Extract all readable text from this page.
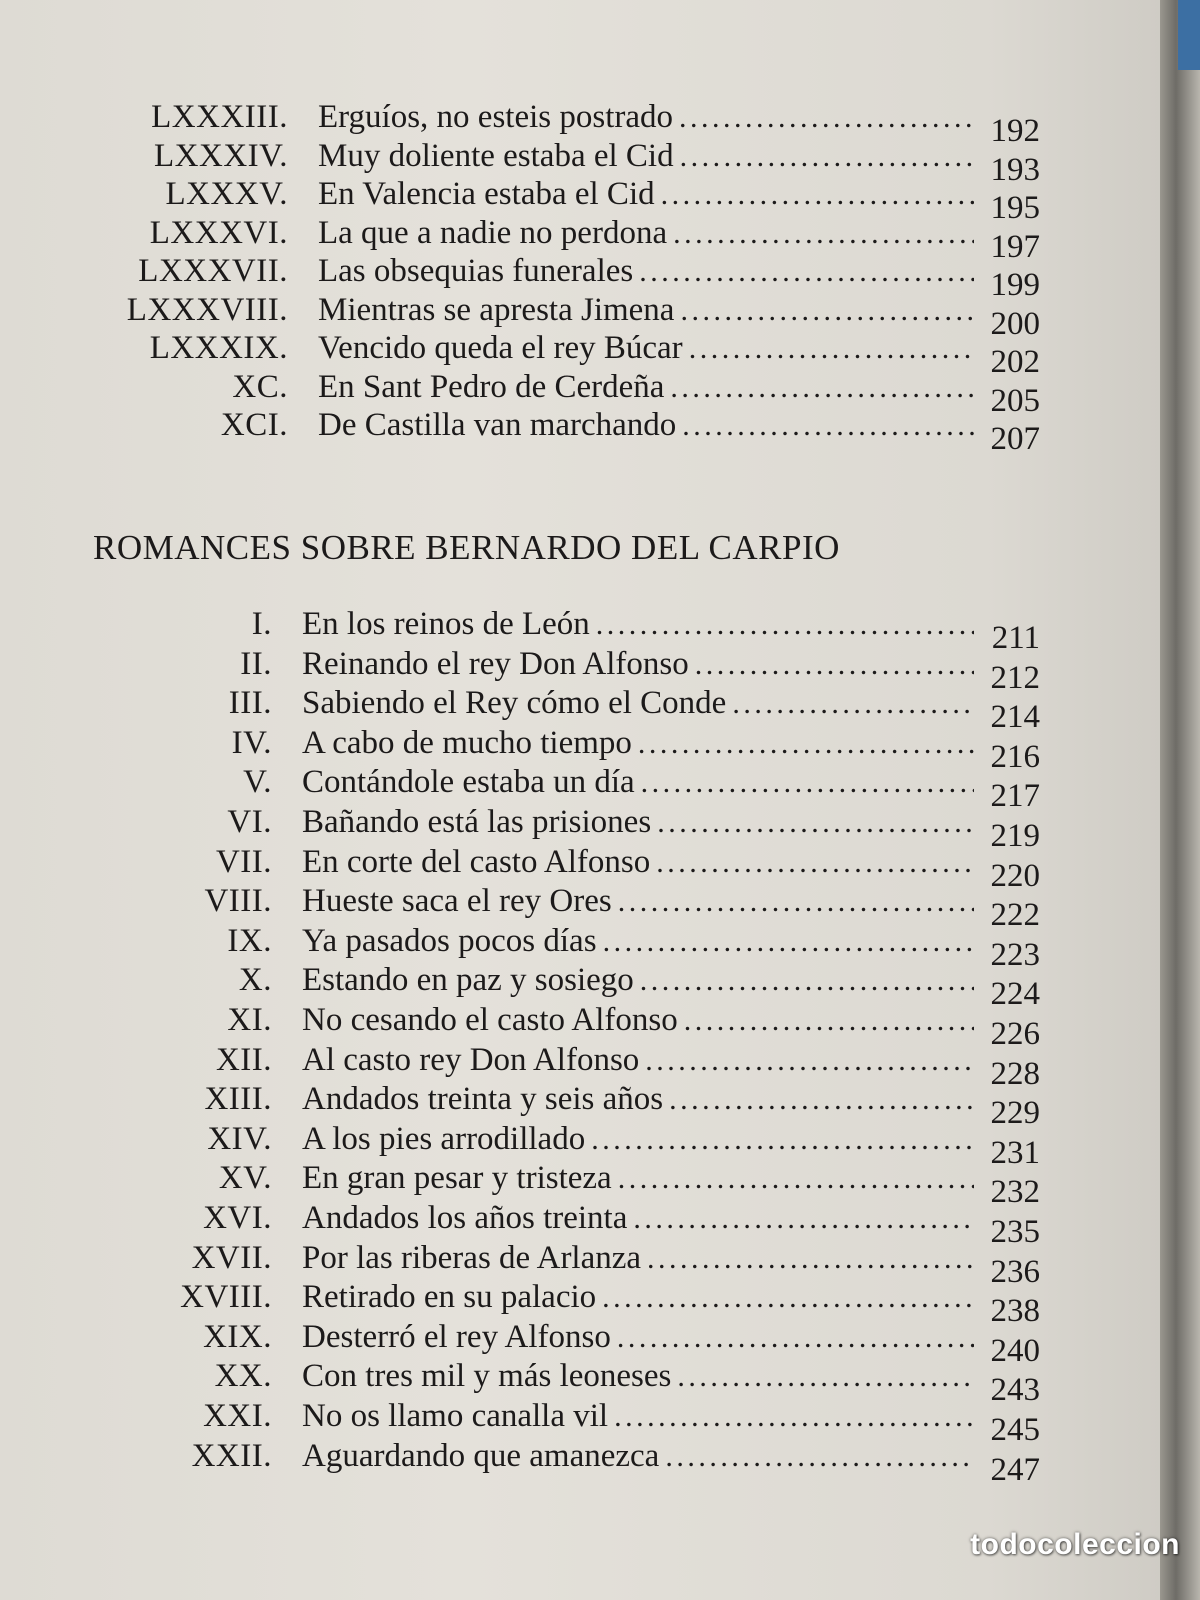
LXXXIII. Erguíos, no esteis postrado . . .	192
LXXXIV. Muy doliente estaba el Cid . . .	193
LXXXV. En Valencia estaba el Cid . . .	195
LXXXVI. La que a nadie no perdona . . .	197
LXXXVII. Las obsequias funerales . . .	199
LXXXVIII. Mientras se apresta Jimena . . .	200
LXXXIX. Vencido queda el rey Búcar . . .	202
XC. En Sant Pedro de Cerdeña . . .	205
XCI. De Castilla van marchando . . .	207
ROMANCES SOBRE BERNARDO DEL CARPIO
I. En los reinos de León . . .	211
II. Reinando el rey Don Alfonso . . .	212
III. Sabiendo el Rey cómo el Conde . . .	214
IV. A cabo de mucho tiempo . . .	216
V. Contándole estaba un día . . .	217
VI. Bañando está las prisiones . . .	219
VII. En corte del casto Alfonso . . .	220
VIII. Hueste saca el rey Ores . . .	222
IX. Ya pasados pocos días . . .	223
X. Estando en paz y sosiego . . .	224
XI. No cesando el casto Alfonso . . .	226
XII. Al casto rey Don Alfonso . . .	228
XIII. Andados treinta y seis años . . .	229
XIV. A los pies arrodillado . . .	231
XV. En gran pesar y tristeza . . .	232
XVI. Andados los años treinta . . .	235
XVII. Por las riberas de Arlanza . . .	236
XVIII. Retirado en su palacio . . .	238
XIX. Desterró el rey Alfonso . . .	240
XX. Con tres mil y más leoneses . . .	243
XXI. No os llamo canalla vil . . .	245
XXII. Aguardando que amanezca . . .	247
todocoleccion
